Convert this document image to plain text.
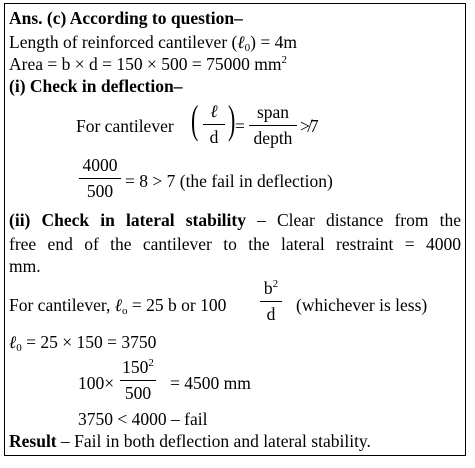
Ans. (c) According to question–
Length of reinforced cantilever (ℓ$_0$) = 4m
Area = b × d = 150 × 500 = 75000 $mm^2$
(i) Check in deflection–
For cantilever ( ℓ
d ) =
span
depth
≯7
4000
500 = 8 > 7 (the fail in deflection)
(ii) Check in lateral stability – Clear distance from the
free end of the cantilever to the lateral restraint = 4000
mm.
For cantilever, ℓ$_o$ = 25 b or 100
$b^2$
d	(whichever is less)
ℓ$_0$ = 25 × 150 = 3750
100×
$150^2$
500 = 4500 mm
3750 < 4000 – fail
Result – Fail in both deflection and lateral stability.
